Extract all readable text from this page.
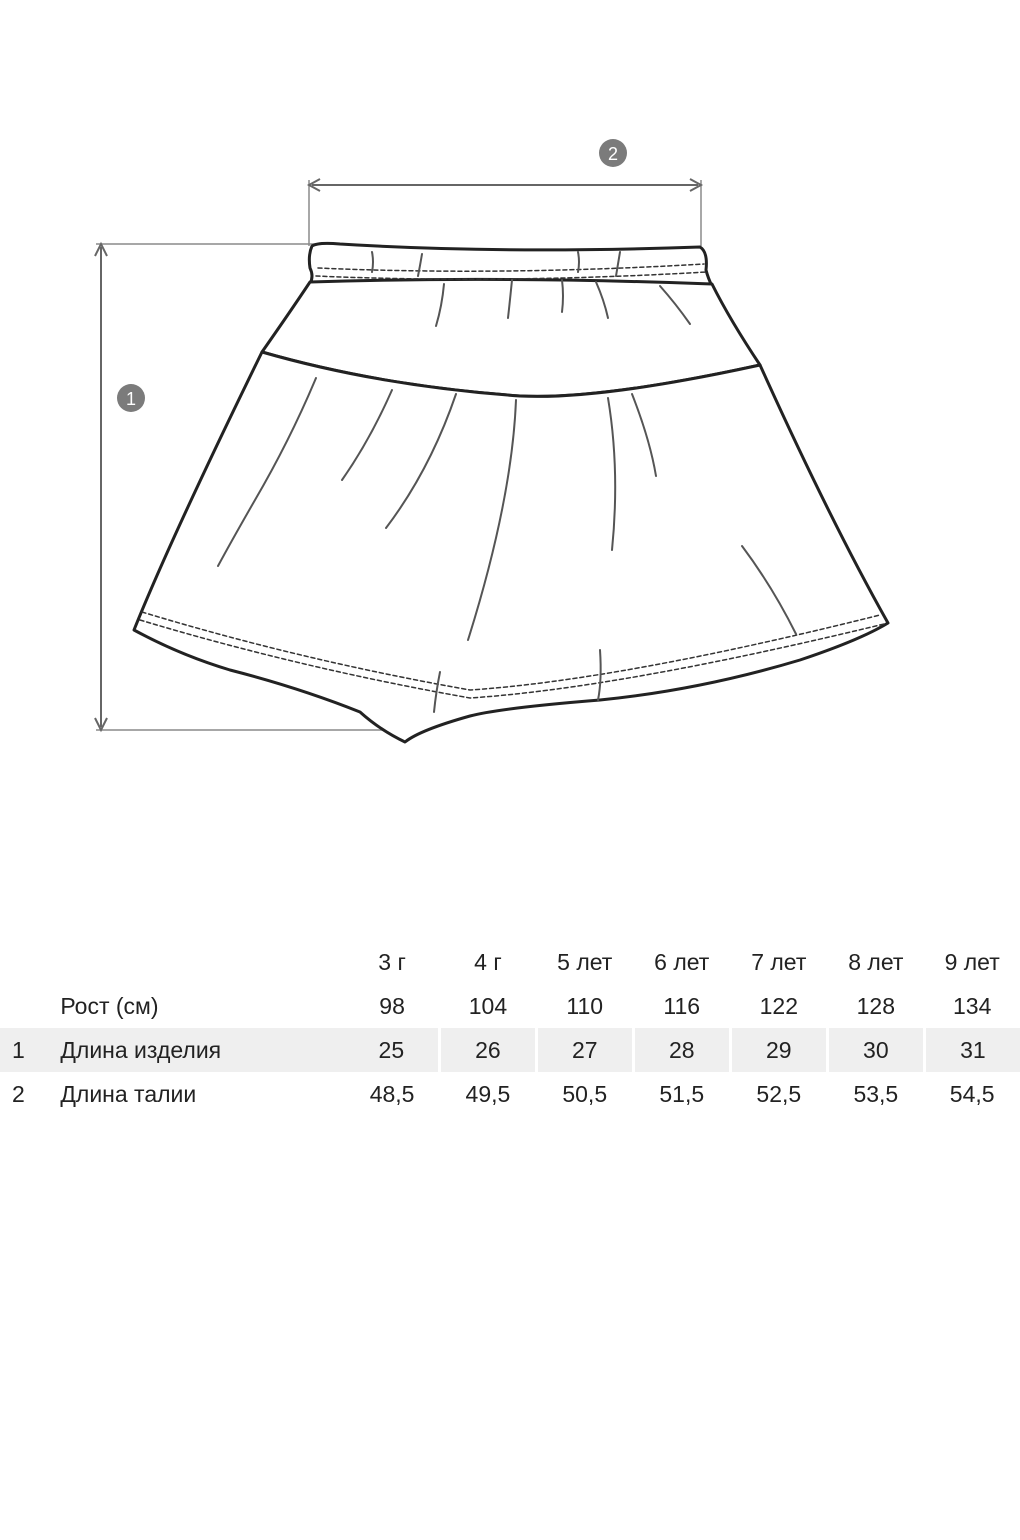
2
1
		3 г	4 г	5 лет	6 лет	7 лет	8 лет	9 лет
	Рост (см)	98	104	110	116	122	128	134
1	Длина изделия	25	26	27	28	29	30	31
2	Длина талии	48,5	49,5	50,5	51,5	52,5	53,5	54,5
